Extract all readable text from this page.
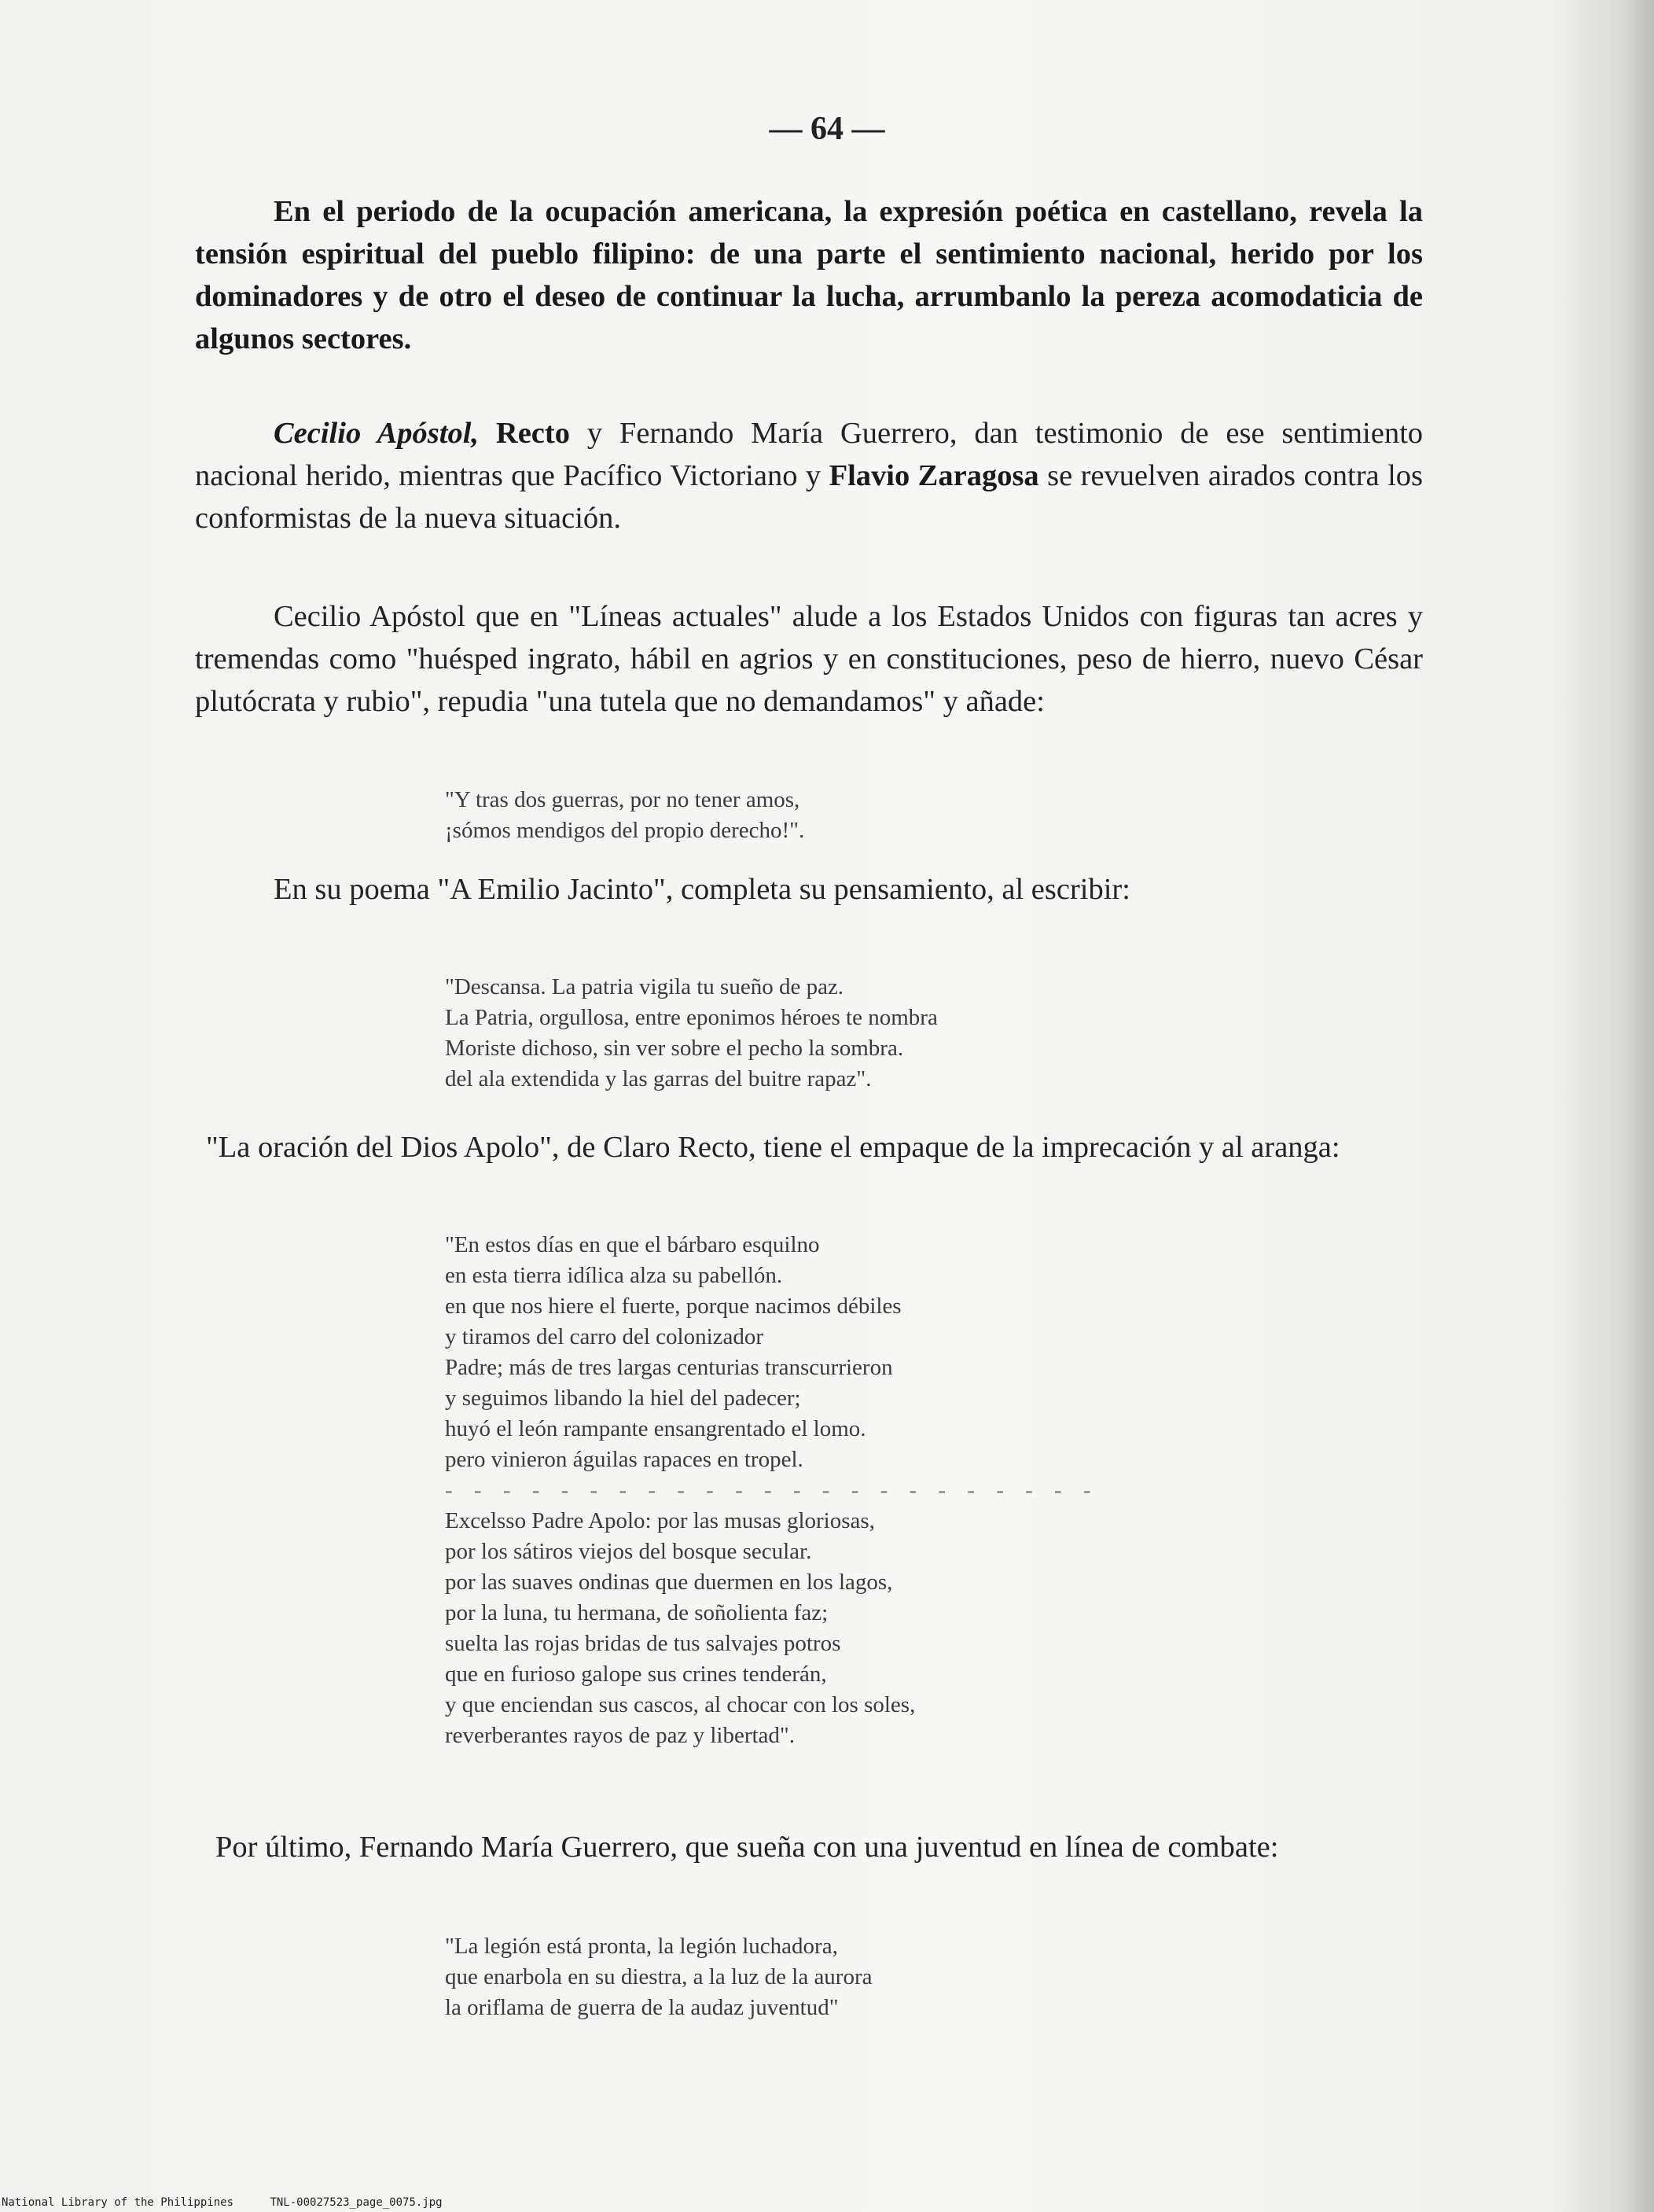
— 64 —

En el periodo de la ocupación americana, la expresión poética en castellano, revela la tensión espiritual del pueblo filipino: de una parte el sentimiento nacional, herido por los dominadores y de otro el deseo de continuar la lucha, arrumbanlo la pereza acomodaticia de algunos sectores.

Cecilio Apóstol, Recto y Fernando María Guerrero, dan testimonio de ese sentimiento nacional herido, mientras que Pacífico Victoriano y Flavio Zaragosa se revuelven airados contra los conformistas de la nueva situación.

Cecilio Apóstol que en "Líneas actuales" alude a los Estados Unidos con figuras tan acres y tremendas como "huésped ingrato, hábil en agrios y en constituciones, peso de hierro, nuevo César plutócrata y rubio", repudia "una tutela que no demandamos" y añade:

"Y tras dos guerras, por no tener amos,
¡sómos mendigos del propio derecho!".

En su poema "A Emilio Jacinto", completa su pensamiento, al escribir:

"Descansa. La patria vigila tu sueño de paz.
La Patria, orgullosa, entre eponimos héroes te nombra
Moriste dichoso, sin ver sobre el pecho la sombra.
del ala extendida y las garras del buitre rapaz".

"La oración del Dios Apolo", de Claro Recto, tiene el empaque de la imprecación y al aranga:

"En estos días en que el bárbaro esquilno
en esta tierra idílica alza su pabellón.
en que nos hiere el fuerte, porque nacimos débiles
y tiramos del carro del colonizador
Padre; más de tres largas centurias transcurrieron
y seguimos libando la hiel del padecer;
huyó el león rampante ensangrentado el lomo.
pero vinieron águilas rapaces en tropel.
- - - - - - - - - - - - - - - - - - - - - - -
Excelsso Padre Apolo: por las musas gloriosas,
por los sátiros viejos del bosque secular.
por las suaves ondinas que duermen en los lagos,
por la luna, tu hermana, de soñolienta faz;
suelta las rojas bridas de tus salvajes potros
que en furioso galope sus crines tenderán,
y que enciendan sus cascos, al chocar con los soles,
reverberantes rayos de paz y libertad".

Por último, Fernando María Guerrero, que sueña con una juventud en línea de combate:

"La legión está pronta, la legión luchadora,
que enarbola en su diestra, a la luz de la aurora
la oriflama de guerra de la audaz juventud"
National Library of the Philippines	TNL-00027523_page_0075.jpg
